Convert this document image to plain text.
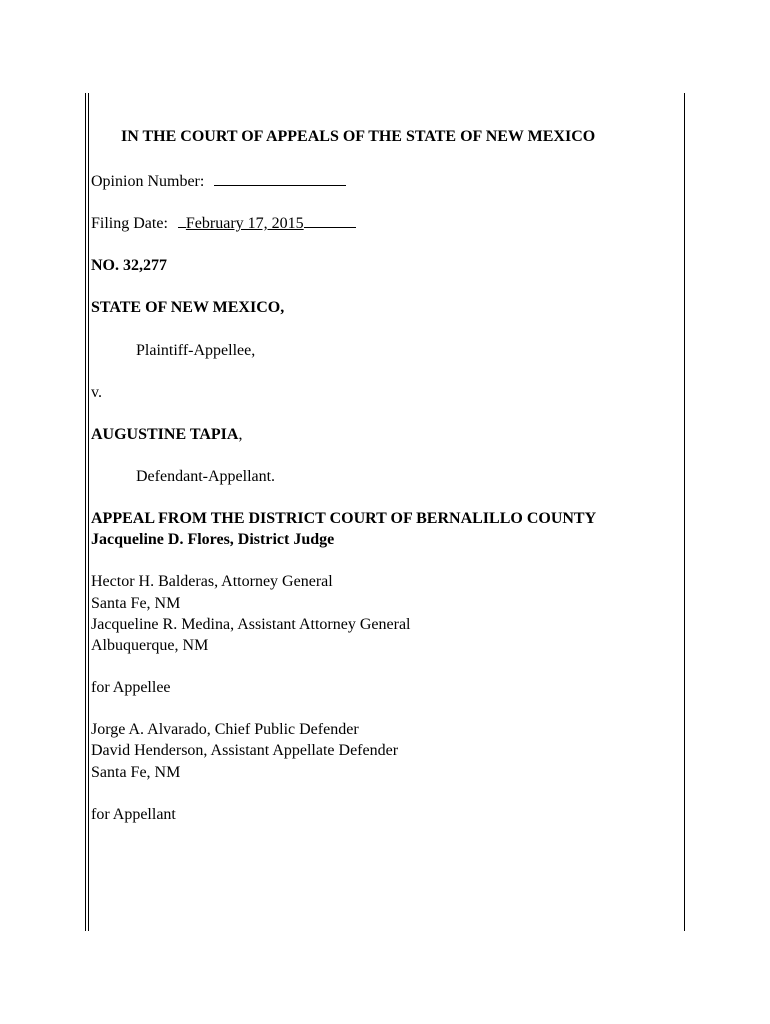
IN THE COURT OF APPEALS OF THE STATE OF NEW MEXICO
Opinion Number:
Filing Date: February 17, 2015
NO. 32,277
STATE OF NEW MEXICO,
Plaintiff-Appellee,
v.
AUGUSTINE TAPIA,
Defendant-Appellant.
APPEAL FROM THE DISTRICT COURT OF BERNALILLO COUNTY
Jacqueline D. Flores, District Judge
Hector H. Balderas, Attorney General
Santa Fe, NM
Jacqueline R. Medina, Assistant Attorney General
Albuquerque, NM
for Appellee
Jorge A. Alvarado, Chief Public Defender
David Henderson, Assistant Appellate Defender
Santa Fe, NM
for Appellant
